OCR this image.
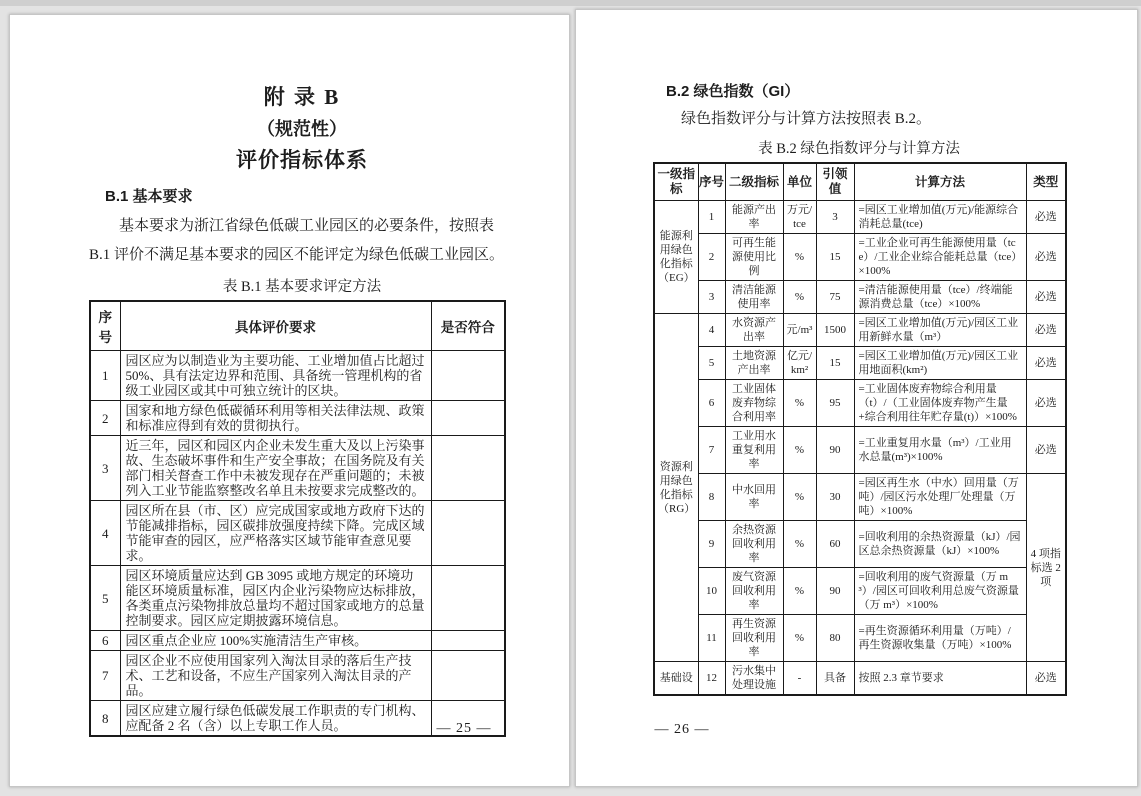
附 录 B
（规范性）
评价指标体系
B.1 基本要求
基本要求为浙江省绿色低碳工业园区的必要条件，按照表
B.1 评价不满足基本要求的园区不能评定为绿色低碳工业园区。
表 B.1 基本要求评定方法
序号	具体评价要求	是否符合
1	园区应为以制造业为主要功能、工业增加值占比超过 50%、具有法定边界和范围、具备统一管理机构的省级工业园区或其中可独立统计的区块。	
2	国家和地方绿色低碳循环利用等相关法律法规、政策和标准应得到有效的贯彻执行。	
3	近三年，园区和园区内企业未发生重大及以上污染事故、生态破坏事件和生产安全事故；在国务院及有关部门相关督查工作中未被发现存在严重问题的；未被列入工业节能监察整改名单且未按要求完成整改的。	
4	园区所在县（市、区）应完成国家或地方政府下达的节能减排指标，园区碳排放强度持续下降。完成区域节能审查的园区，应严格落实区域节能审查意见要求。	
5	园区环境质量应达到 GB 3095 或地方规定的环境功能区环境质量标准，园区内企业污染物应达标排放，各类重点污染物排放总量均不超过国家或地方的总量控制要求。园区应定期披露环境信息。	
6	园区重点企业应 100%实施清洁生产审核。	
7	园区企业不应使用国家列入淘汰目录的落后生产技术、工艺和设备，不应生产国家列入淘汰目录的产品。	
8	园区应建立履行绿色低碳发展工作职责的专门机构、应配备 2 名（含）以上专职工作人员。		— 25 —
B.2 绿色指数（GI）
绿色指数评分与计算方法按照表 B.2。
表 B.2 绿色指数评分与计算方法
一级指标	序号	二级指标	单位	引领值	计算方法	类型
能源利用绿色化指标（EG）	1	能源产出率	万元/tce	3	=园区工业增加值(万元)/能源综合消耗总量(tce)	必选
	2	可再生能源使用比例	%	15	=工业企业可再生能源使用量（tce）/工业企业综合能耗总量（tce）×100%	必选
	3	清洁能源使用率	%	75	=清洁能源使用量（tce）/终端能源消费总量（tce）×100%	必选
资源利用绿色化指标（RG）	4	水资源产出率	元/m³	1500	=园区工业增加值(万元)/园区工业用新鲜水量（m³）	必选
	5	土地资源产出率	亿元/km²	15	=园区工业增加值(万元)/园区工业用地面积(km²)	必选
	6	工业固体废弃物综合利用率	%	95	=工业固体废弃物综合利用量（t）/（工业固体废弃物产生量+综合利用往年贮存量(t)）×100%	必选
	7	工业用水重复利用率	%	90	=工业重复用水量（m³）/工业用水总量(m³)×100%	必选
	8	中水回用率	%	30	=园区再生水（中水）回用量（万吨）/园区污水处理厂处理量（万吨）×100%	4 项指标选 2 项
	9	余热资源回收利用率	%	60	=回收利用的余热资源量（kJ）/园区总余热资源量（kJ）×100%	
	10	废气资源回收利用率	%	90	=回收利用的废气资源量（万 m³）/园区可回收利用总废气资源量（万 m³）×100%	
	11	再生资源回收利用率	%	80	=再生资源循环利用量（万吨）/再生资源收集量（万吨）×100%	
基础设	12	污水集中处理设施	-	具备	按照 2.3 章节要求	必选
— 26 —
